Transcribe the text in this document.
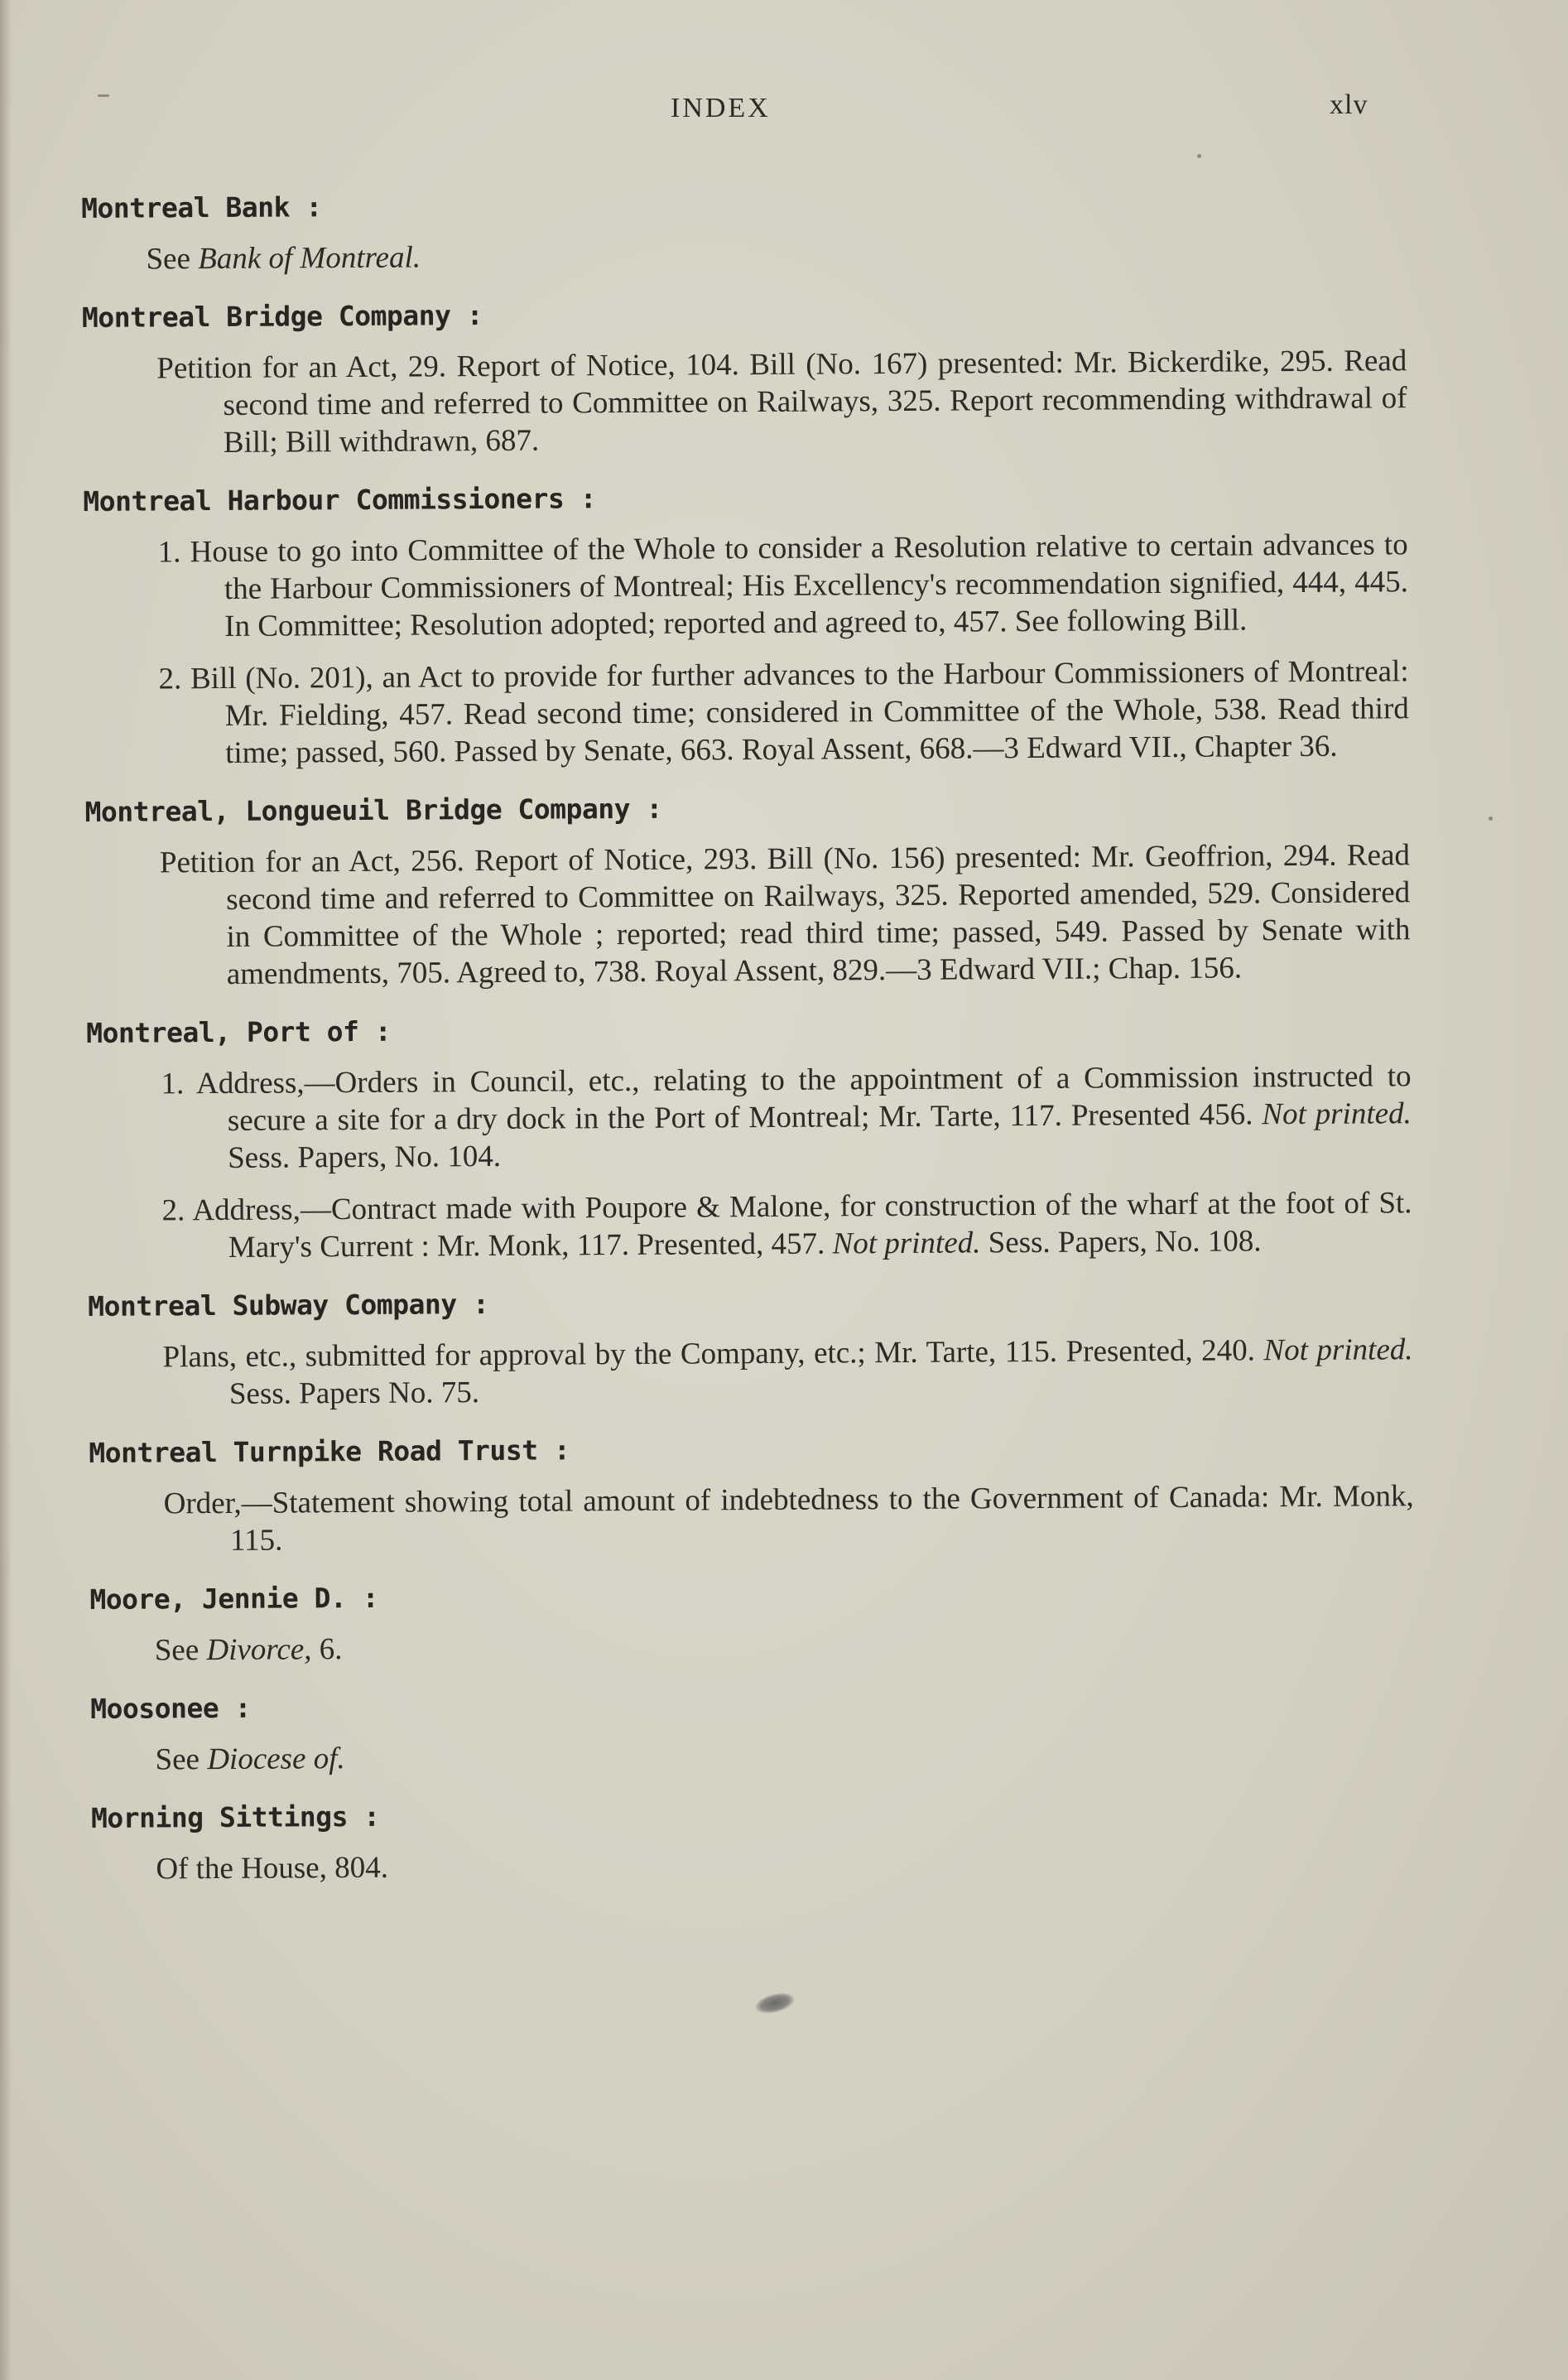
INDEX	xlv
Montreal Bank :
See Bank of Montreal.
Montreal Bridge Company :
Petition for an Act, 29. Report of Notice, 104. Bill (No. 167) presented: Mr. Bickerdike, 295. Read second time and referred to Committee on Railways, 325. Report recommending withdrawal of Bill; Bill withdrawn, 687.
Montreal Harbour Commissioners :
1. House to go into Committee of the Whole to consider a Resolution relative to certain advances to the Harbour Commissioners of Montreal; His Excellency's recommendation signified, 444, 445. In Committee; Resolution adopted; reported and agreed to, 457. See following Bill.
2. Bill (No. 201), an Act to provide for further advances to the Harbour Commissioners of Montreal: Mr. Fielding, 457. Read second time; considered in Committee of the Whole, 538. Read third time; passed, 560. Passed by Senate, 663. Royal Assent, 668.—3 Edward VII., Chapter 36.
Montreal, Longueuil Bridge Company :
Petition for an Act, 256. Report of Notice, 293. Bill (No. 156) presented: Mr. Geoffrion, 294. Read second time and referred to Committee on Railways, 325. Reported amended, 529. Considered in Committee of the Whole ; reported; read third time; passed, 549. Passed by Senate with amendments, 705. Agreed to, 738. Royal Assent, 829.—3 Edward VII.; Chap. 156.
Montreal, Port of :
1. Address,—Orders in Council, etc., relating to the appointment of a Commission instructed to secure a site for a dry dock in the Port of Montreal; Mr. Tarte, 117. Presented 456. Not printed. Sess. Papers, No. 104.
2. Address,—Contract made with Poupore & Malone, for construction of the wharf at the foot of St. Mary's Current : Mr. Monk, 117. Presented, 457. Not printed. Sess. Papers, No. 108.
Montreal Subway Company :
Plans, etc., submitted for approval by the Company, etc.; Mr. Tarte, 115. Presented, 240. Not printed. Sess. Papers No. 75.
Montreal Turnpike Road Trust :
Order,—Statement showing total amount of indebtedness to the Government of Canada: Mr. Monk, 115.
Moore, Jennie D. :
See Divorce, 6.
Moosonee :
See Diocese of.
Morning Sittings :
Of the House, 804.
